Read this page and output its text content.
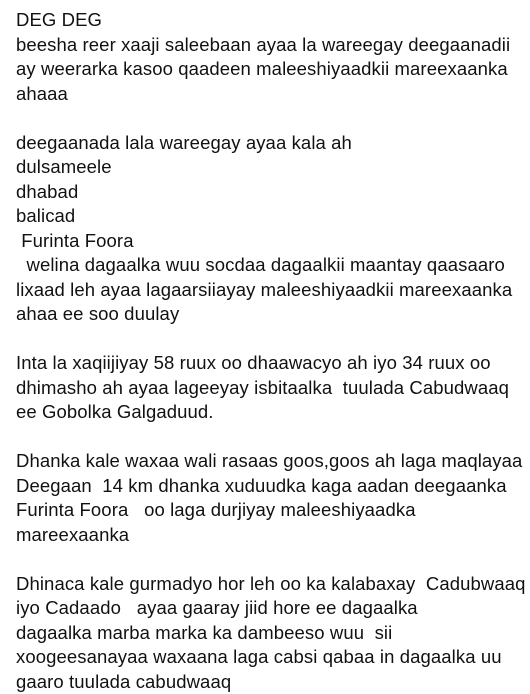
DEG DEG
beesha reer xaaji saleebaan ayaa la wareegay deegaanadii
ay weerarka kasoo qaadeen maleeshiyaadkii mareexaanka
ahaaa
deegaanada lala wareegay ayaa kala ah
dulsameele
dhabad
balicad
Furinta Foora
welina dagaalka wuu socdaa dagaalkii maantay qaasaaro
lixaad leh ayaa lagaarsiiayay maleeshiyaadkii mareexaanka
ahaa ee soo duulay
Inta la xaqiijiyay 58 ruux oo dhaawacyo ah iyo 34 ruux oo
dhimasho ah ayaa lageeyay isbitaalka  tuulada Cabudwaaq
ee Gobolka Galgaduud.
Dhanka kale waxaa wali rasaas goos,goos ah laga maqlayaa
Deegaan  14 km dhanka xuduudka kaga aadan deegaanka
Furinta Foora   oo laga durjiyay maleeshiyaadka
mareexaanka
Dhinaca kale gurmadyo hor leh oo ka kalabaxay  Cadubwaaq
iyo Cadaado   ayaa gaaray jiid hore ee dagaalka
dagaalka marba marka ka dambeeso wuu  sii
xoogeesanayaa waxaana laga cabsi qabaa in dagaalka uu
gaaro tuulada cabudwaaq
